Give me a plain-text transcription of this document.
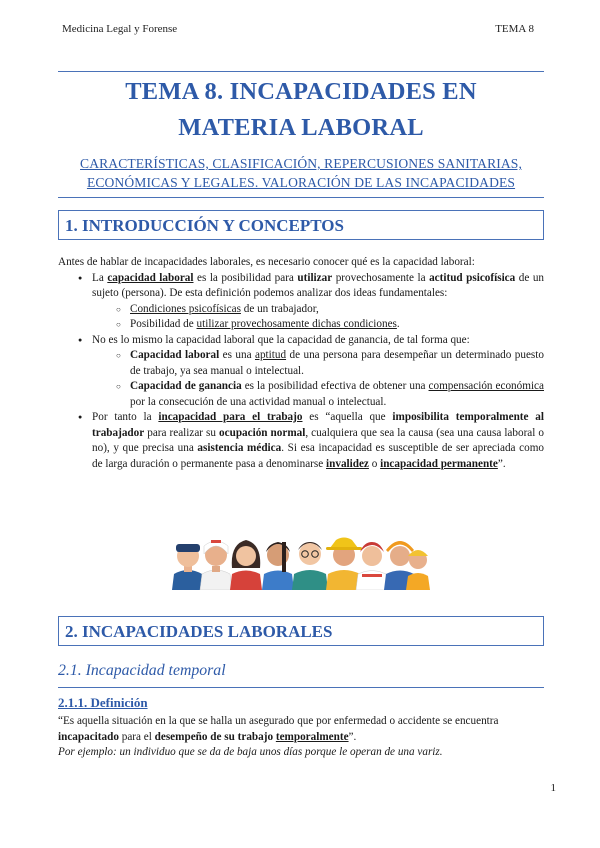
Medicina Legal y Forense	TEMA 8
TEMA 8. INCAPACIDADES EN
MATERIA LABORAL
CARACTERÍSTICAS, CLASIFICACIÓN, REPERCUSIONES SANITARIAS,
ECONÓMICAS Y LEGALES. VALORACIÓN DE LAS INCAPACIDADES
1. INTRODUCCIÓN Y CONCEPTOS

Antes de hablar de incapacidades laborales, es necesario conocer qué es la capacidad laboral:

● La capacidad laboral es la posibilidad para utilizar provechosamente la actitud psicofísica de un sujeto (persona). De esta definición podemos analizar dos ideas fundamentales:

○ Condiciones psicofísicas de un trabajador,

○ Posibilidad de utilizar provechosamente dichas condiciones.

● No es lo mismo la capacidad laboral que la capacidad de ganancia, de tal forma que:

○ Capacidad laboral es una aptitud de una persona para desempeñar un determinado puesto de trabajo, ya sea manual o intelectual.

○ Capacidad de ganancia es la posibilidad efectiva de obtener una compensación económica por la consecución de una actividad manual o intelectual.

● Por tanto la incapacidad para el trabajo es “aquella que imposibilita temporalmente al trabajador para realizar su ocupación normal, cualquiera que sea la causa (sea una causa laboral o no), y que precisa una asistencia médica. Si esa incapacidad es susceptible de ser apreciada como de larga duración o permanente pasa a denominarse invalidez o incapacidad permanente”.

2. INCAPACIDADES LABORALES
2.1. Incapacidad temporal
2.1.1. Definición

“Es aquella situación en la que se halla un asegurado que por enfermedad o accidente se encuentra incapacitado para el desempeño de su trabajo temporalmente”.

Por ejemplo: un individuo que se da de baja unos días porque le operan de una variz.

1
